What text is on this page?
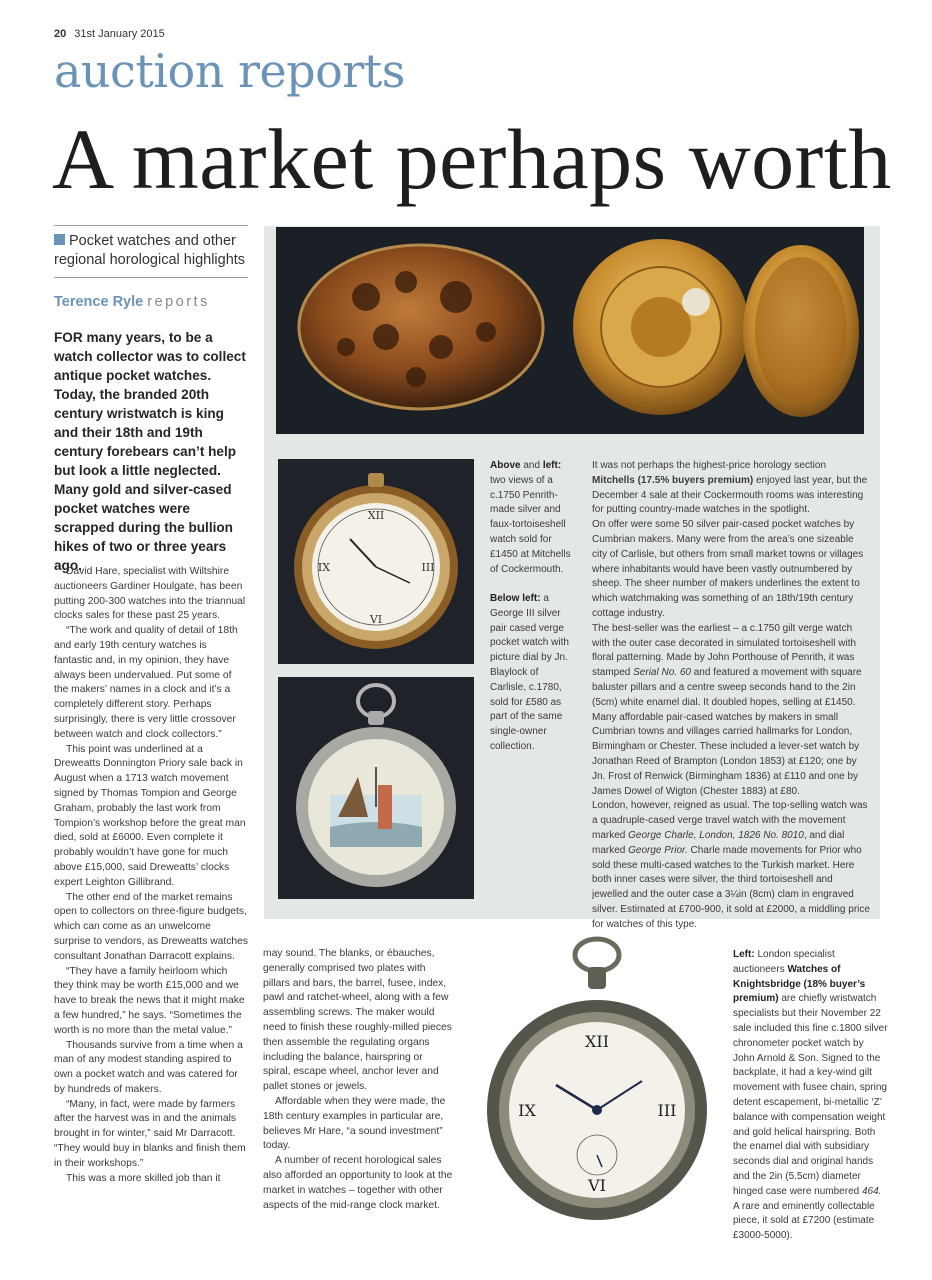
20 31st January 2015
auction reports
A market perhaps worth
Pocket watches and other regional horological highlights
Terence Ryle reports
FOR many years, to be a watch collector was to collect antique pocket watches. Today, the branded 20th century wristwatch is king and their 18th and 19th century forebears can’t help but look a little neglected. Many gold and silver-cased pocket watches were scrapped during the bullion hikes of two or three years ago.

David Hare, specialist with Wiltshire auctioneers Gardiner Houlgate, has been putting 200-300 watches into the triannual clocks sales for these past 25 years.

“The work and quality of detail of 18th and early 19th century watches is fantastic and, in my opinion, they have always been undervalued. Put some of the makers’ names in a clock and it’s a completely different story. Perhaps surprisingly, there is very little crossover between watch and clock collectors.”

This point was underlined at a Dreweatts Donnington Priory sale back in August when a 1713 watch movement signed by Thomas Tompion and George Graham, probably the last work from Tompion’s workshop before the great man died, sold at £6000. Even complete it probably wouldn’t have gone for much above £15,000, said Dreweatts’ clocks expert Leighton Gillibrand.

The other end of the market remains open to collectors on three-figure budgets, which can come as an unwelcome surprise to vendors, as Dreweatts watches consultant Jonathan Darracott explains.

“They have a family heirloom which they think may be worth £15,000 and we have to break the news that it might make a few hundred,” he says. “Sometimes the worth is no more than the metal value.”

Thousands survive from a time when a man of any modest standing aspired to own a pocket watch and was catered for by hundreds of makers.

“Many, in fact, were made by farmers after the harvest was in and the animals brought in for winter,” said Mr Darracott. “They would buy in blanks and finish them in their workshops.”

This was a more skilled job than it

may sound. The blanks, or ébauches, generally comprised two plates with pillars and bars, the barrel, fusee, index, pawl and ratchet-wheel, along with a few assembling screws. The maker would need to finish these roughly-milled pieces then assemble the regulating organs including the balance, hairspring or spiral, escape wheel, anchor lever and pallet stones or jewels.

Affordable when they were made, the 18th century examples in particular are, believes Mr Hare, “a sound investment” today.

A number of recent horological sales also afforded an opportunity to look at the market in watches – together with other aspects of the mid-range clock market.

XII
III
VI
IX
Above and left: two views of a c.1750 Penrith-made silver and faux-tortoiseshell watch sold for £1450 at Mitchells of Cockermouth.
Below left: a George III silver pair cased verge pocket watch with picture dial by Jn. Blaylock of Carlisle, c.1780, sold for £580 as part of the same single-owner collection.

It was not perhaps the highest-price horology section Mitchells (17.5% buyers premium) enjoyed last year, but the December 4 sale at their Cockermouth rooms was interesting for putting country-made watches in the spotlight.

On offer were some 50 silver pair-cased pocket watches by Cumbrian makers. Many were from the area’s one sizeable city of Carlisle, but others from small market towns or villages where inhabitants would have been vastly outnumbered by sheep. The sheer number of makers underlines the extent to which watchmaking was something of an 18th/19th century cottage industry.

The best-seller was the earliest – a c.1750 gilt verge watch with the outer case decorated in simulated tortoiseshell with floral patterning. Made by John Porthouse of Penrith, it was stamped Serial No. 60 and featured a movement with square baluster pillars and a centre sweep seconds hand to the 2in (5cm) white enamel dial. It doubled hopes, selling at £1450.

Many affordable pair-cased watches by makers in small Cumbrian towns and villages carried hallmarks for London, Birmingham or Chester. These included a lever-set watch by Jonathan Reed of Brampton (London 1853) at £120; one by Jn. Frost of Renwick (Birmingham 1836) at £110 and one by James Dowel of Wigton (Chester 1883) at £80.

London, however, reigned as usual. The top-selling watch was a quadruple-cased verge travel watch with the movement marked George Charle, London, 1826 No. 8010, and dial marked George Prior. Charle made movements for Prior who sold these multi-cased watches to the Turkish market. Here both inner cases were silver, the third tortoiseshell and jewelled and the outer case a 3¼in (8cm) clam in engraved silver. Estimated at £700-900, it sold at £2000, a middling price for watches of this type.

XII
III
VI
IX
Left: London specialist auctioneers Watches of Knightsbridge (18% buyer’s premium) are chiefly wristwatch specialists but their November 22 sale included this fine c.1800 silver chronometer pocket watch by John Arnold & Son. Signed to the backplate, it had a key-wind gilt movement with fusee chain, spring detent escapement, bi-metallic ‘Z’ balance with compensation weight and gold helical hairspring. Both the enamel dial with subsidiary seconds dial and original hands and the 2in (5.5cm) diameter hinged case were numbered 464. A rare and eminently collectable piece, it sold at £7200 (estimate £3000-5000).
